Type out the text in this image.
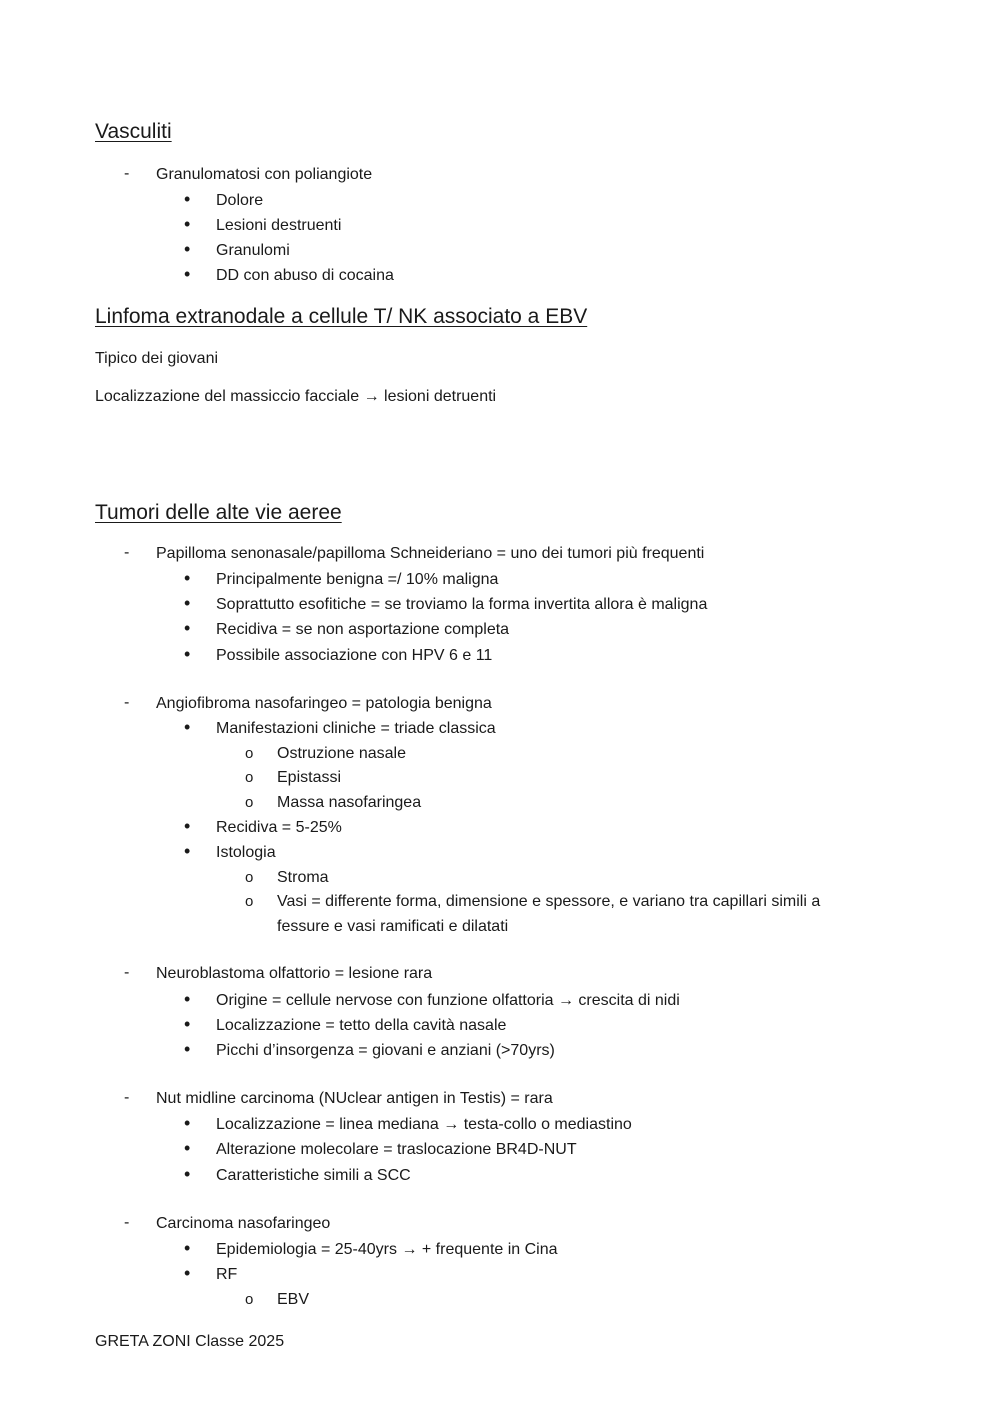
Vasculiti
- Granulomatosi con poliangiote
• Dolore
• Lesioni destruenti
• Granulomi
• DD con abuso di cocaina
Linfoma extranodale a cellule T/ NK associato a EBV
Tipico dei giovani
Localizzazione del massiccio facciale → lesioni detruenti
Tumori delle alte vie aeree
- Papilloma senonasale/papilloma Schneideriano = uno dei tumori più frequenti
• Principalmente benigna =/ 10% maligna
• Soprattutto esofitiche = se troviamo la forma invertita allora è maligna
• Recidiva = se non asportazione completa
• Possibile associazione con HPV 6 e 11
- Angiofibroma nasofaringeo = patologia benigna
• Manifestazioni cliniche = triade classica
o Ostruzione nasale
o Epistassi
o Massa nasofaringea
• Recidiva = 5-25%
• Istologia
o Stroma
o Vasi = differente forma, dimensione e spessore, e variano tra capillari simili a
fessure e vasi ramificati e dilatati
- Neuroblastoma olfattorio = lesione rara
• Origine = cellule nervose con funzione olfattoria → crescita di nidi
• Localizzazione = tetto della cavità nasale
• Picchi d’insorgenza = giovani e anziani (>70yrs)
- Nut midline carcinoma (NUclear antigen in Testis) = rara
• Localizzazione = linea mediana → testa-collo o mediastino
• Alterazione molecolare = traslocazione BR4D-NUT
• Caratteristiche simili a SCC
- Carcinoma nasofaringeo
• Epidemiologia = 25-40yrs → + frequente in Cina
• RF
o EBV
GRETA ZONI Classe 2025
